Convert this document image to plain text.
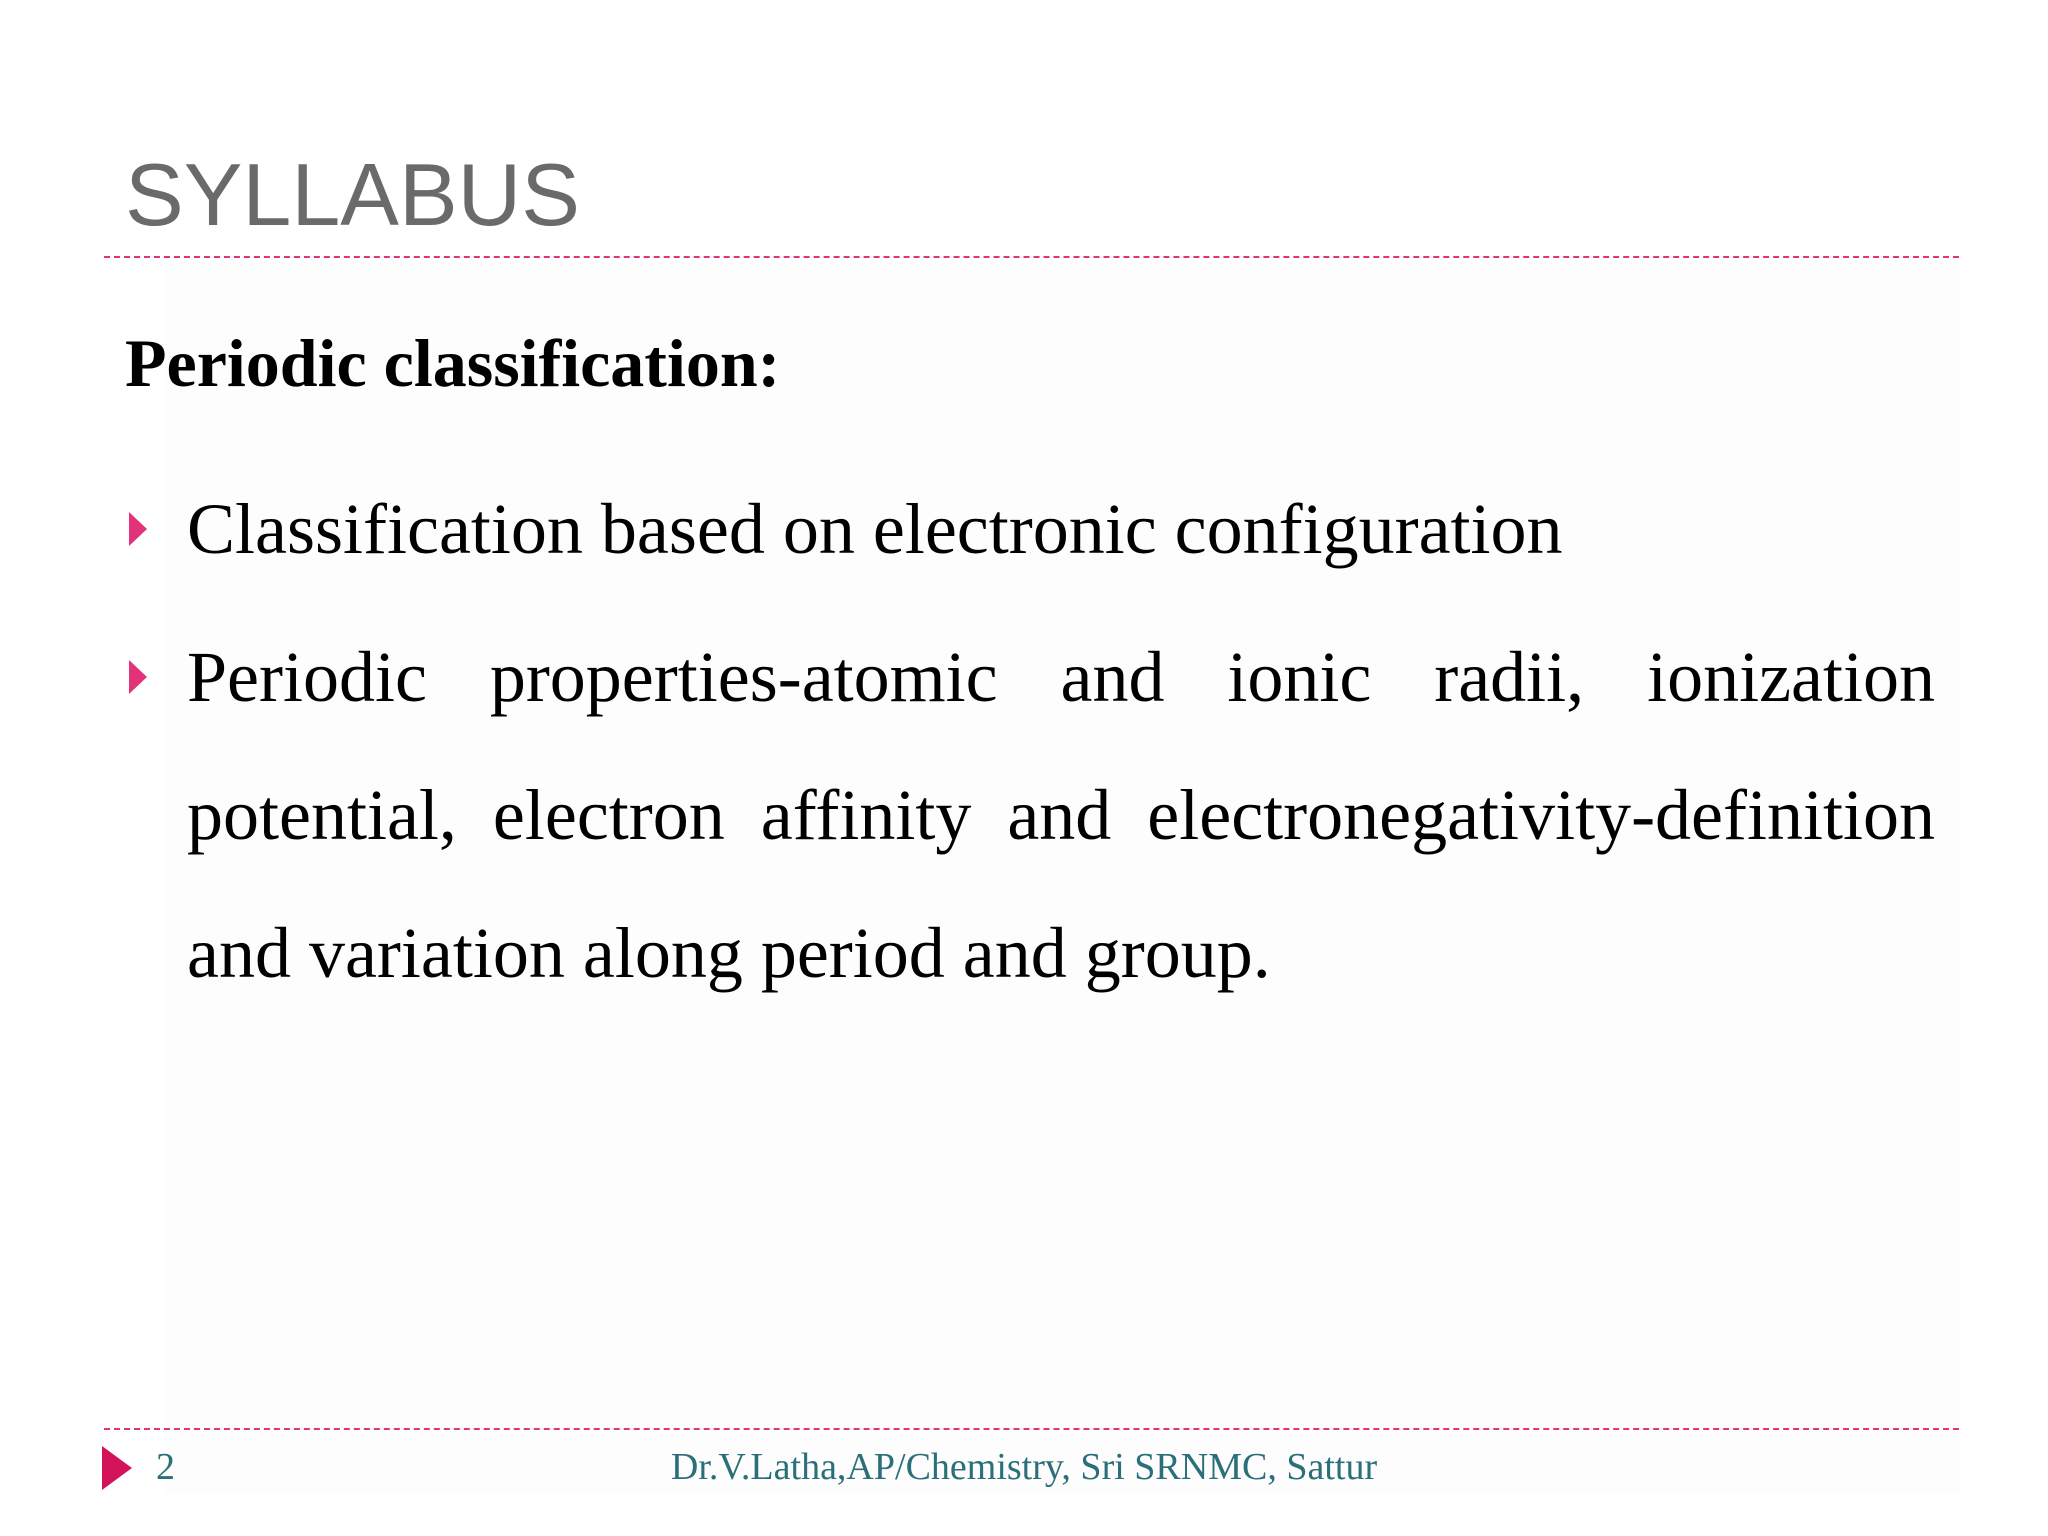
SYLLABUS
Periodic classification:
Classification based on electronic configuration
Periodic properties-atomic and ionic radii, ionization potential, electron affinity and electronegativity-definition and variation along period and group.
2	Dr.V.Latha,AP/Chemistry, Sri SRNMC, Sattur
